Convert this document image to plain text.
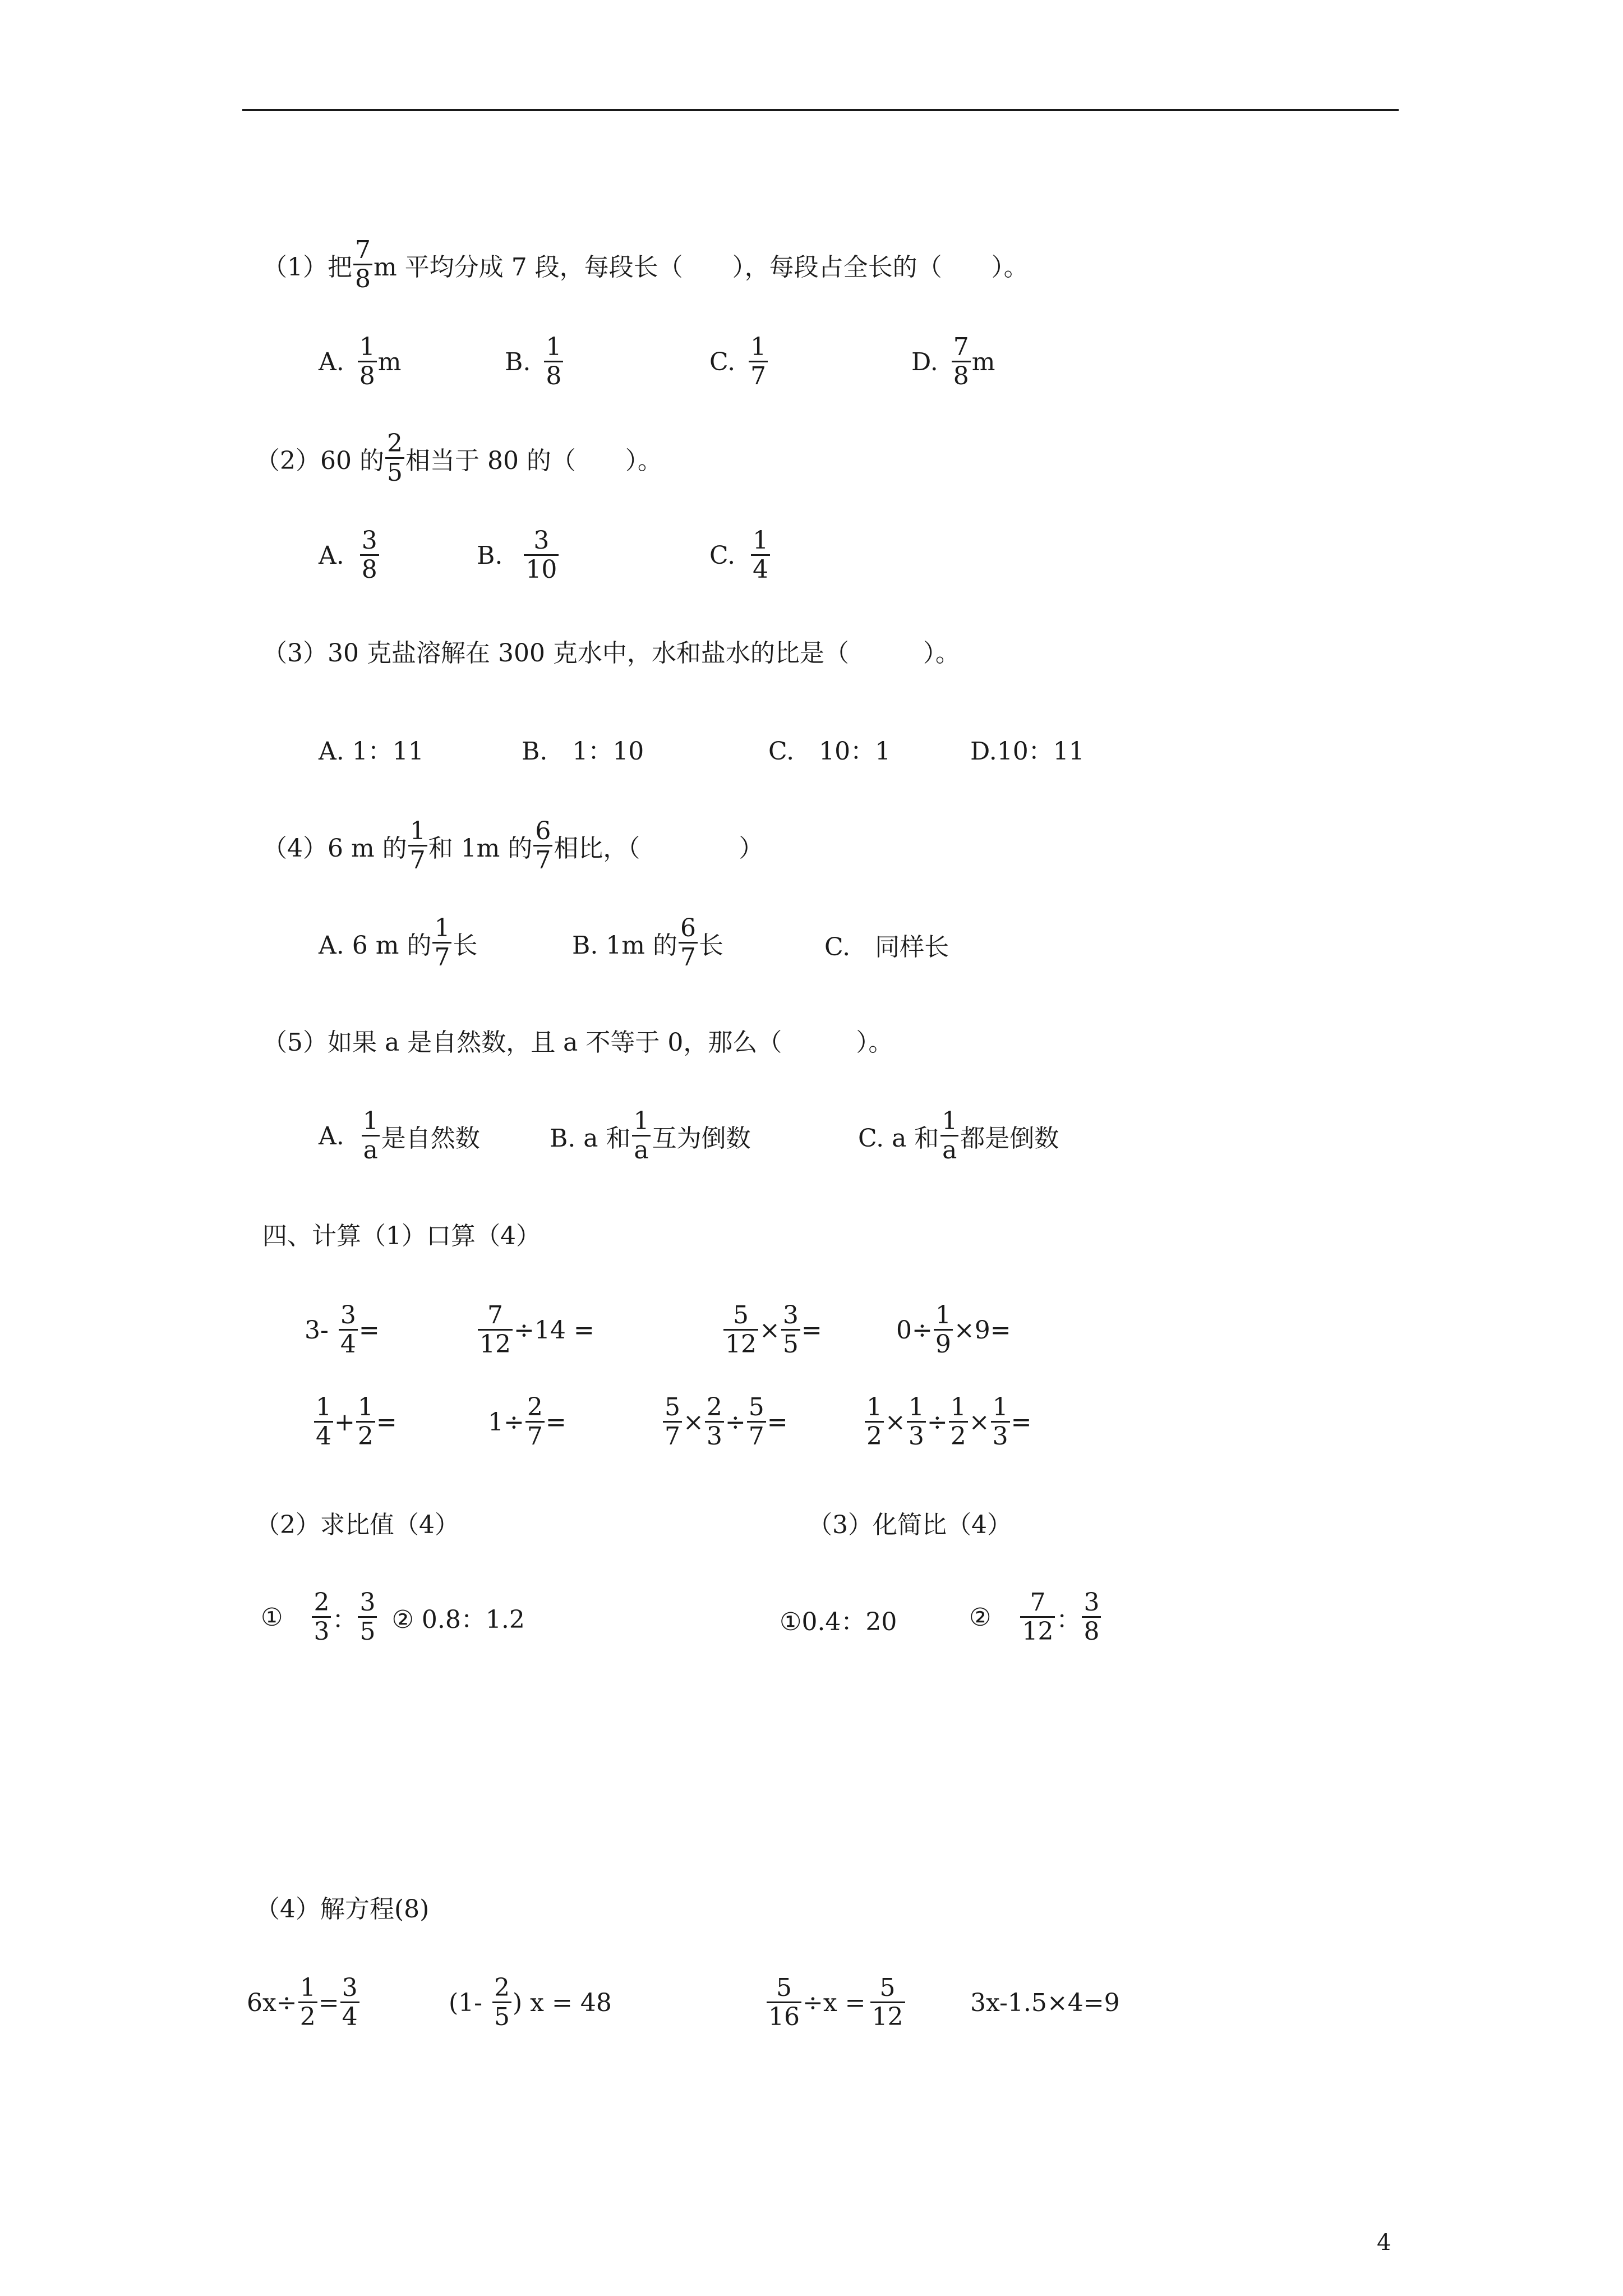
（1）把 $\frac{7}{8}$ m 平均分成 7 段，每段长（　　），每段占全长的（　　）。
A. $\frac{1}{8}$ m	B. $\frac{1}{8}$	C. $\frac{1}{7}$	D. $\frac{7}{8}$ m
（2）60 的 $\frac{2}{5}$ 相当于 80 的（　　）。
A. $\frac{3}{8}$	B. $\frac{3}{10}$	C. $\frac{1}{4}$
（3）30 克盐溶解在 300 克水中，水和盐水的比是（　　　）。
A. 1：11	B.　1：10	C.　10：1	D.10：11
（4）6 m 的 $\frac{1}{7}$ 和 1m 的 $\frac{6}{7}$ 相比，（　　　　）
A. 6 m 的 $\frac{1}{7}$ 长	B. 1m 的 $\frac{6}{7}$ 长	C.　同样长
（5）如果 a 是自然数，且 a 不等于 0，那么（　　　）。
A. $\frac{1}{a}$ 是自然数	B. a 和 $\frac{1}{a}$ 互为倒数	C. a 和 $\frac{1}{a}$ 都是倒数
四、计算（1）口算（4）
$3- \frac{3}{4}$ =	$\frac{7}{12} \div 14$ =	$\frac{5}{12} \times \frac{3}{5}$ =	$0\div \frac{1}{9} \times 9=$
$\frac{1}{4} + \frac{1}{2}$ =	$1\div \frac{2}{7}$ =	$\frac{5}{7} \times \frac{2}{3} \div \frac{5}{7}$ =	$\frac{1}{2} \times \frac{1}{3} \div \frac{1}{2} \times \frac{1}{3}$ =
（2）求比值（4）	（3）化简比（4）
① $\frac{2}{3}$ ： $\frac{3}{5}$ ② 0.8：1.2	①0.4：20	② $\frac{7}{12}$ ： $\frac{3}{8}$
（4）解方程(8)
$6x\div \frac{1}{2} = \frac{3}{4}$	($1- \frac{2}{5}$ ) x = 48	$\frac{5}{16} \div x = \frac{5}{12}$	3x-1.5×4=9
4
